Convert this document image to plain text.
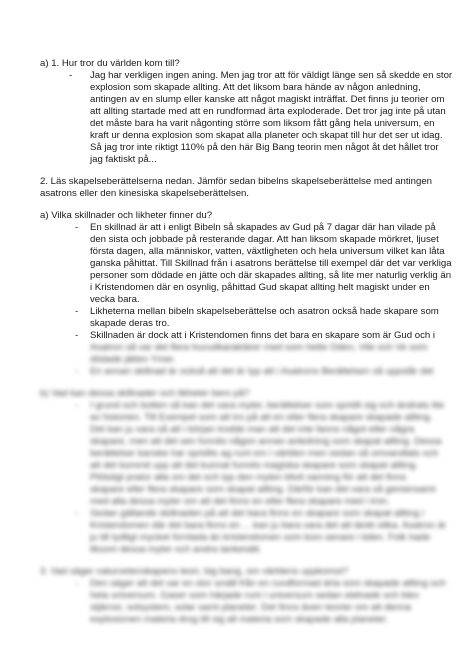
a) 1. Hur tror du världen kom till?
- Jag har verkligen ingen aning. Men jag tror att för väldigt länge sen så skedde en stor
explosion som skapade allting. Att det liksom bara hände av någon anledning,
antingen av en slump eller kanske att något magiskt inträffat. Det finns ju teorier om
att allting startade med att en rundformad ärta exploderade. Det tror jag inte på utan
det måste bara ha varit någonting större som liksom fått gång hela universum, en
kraft ur denna explosion som skapat alla planeter och skapat till hur det ser ut idag.
Så jag tror inte riktigt 110% på den här Big Bang teorin men något åt det hållet tror
jag faktiskt på...
2. Läs skapelseberättelserna nedan. Jämför sedan bibelns skapelseberättelse med antingen
asatrons eller den kinesiska skapelseberättelsen.
a) Vilka skillnader och likheter finner du?
- En skillnad är att i enligt Bibeln så skapades av Gud på 7 dagar där han vilade på
den sista och jobbade på resterande dagar. Att han liksom skapade mörkret, ljuset
första dagen, alla människor, vatten, växtligheten och hela universum vilket kan låta
ganska påhittat. Till Skillnad från i asatrons berättelse till exempel där det var verkliga
personer som dödade en jätte och där skapades allting, så lite mer naturlig verklig än
i Kristendomen där en osynlig, påhittad Gud skapat allting helt magiskt under en
vecka bara.
- Likheterna mellan bibeln skapelseberättelse och asatron också hade skapare som
skapade deras tro.
- Skillnaden är dock att i Kristendomen finns det bara en skapare som är Gud och i
Asatron så var det flera huvudkaraktärer med som hette Oden, Vile och Ve som
dödade jätten Ymer.
- En annan skillnad är också att det är typ att i Asatrons Berättelsen så uppstår det
b) Vad kan dessa skillnader och likheter bero på?
- I grund och botten så kan det vara myter, berättelser som spridit sig och ändrats lite
av historien. Till Exempel som att tro på att en eller flera skapare skapade allting.
Det kan ju vara så att i början trodde man att det inte fanns något eller några
skapare, men att det sen funnits någon annan anledning som skapat allting. Dessa
berättelser kanske har spridits ag runt om i världen men sedan så omvandlats och
att det kommit upp att det kunnat funnits magiska skapare som skapat allting.
Plötsligt prator alla om det och typ den myten blivit sanning för att det finns
skapare eller flera skapare som skapat allting. Därför kan det vara så gemensamt
med alla dessa myter om att det finns en eller flera skapare med i tron.
- Sedan gällande skillnaden på att det bara finns en skapare som skapat allting i
Kristendomen där det bara finns en ... kan ju bara vara det att tänkt olika. Asatron är
ju till tydligt mycket fornlada än kristendomen som kom senare i tiden. Folk hade
liksom dessa myter och andra tankesätt.
3. Vad säger naturvetenskapens teori, big bang, om världens uppkomst?
- Den säger att det var en stor smäll från en rundformad ärta som skapade allting och
hela universum. Gaser som härjade runt i universum sedan stelnade och blev
stjärnor, solsystem, solar samt planeter. Det finns även teorier om att denna
explosionen materia drog till sig all materia som skapade alla planeter.
